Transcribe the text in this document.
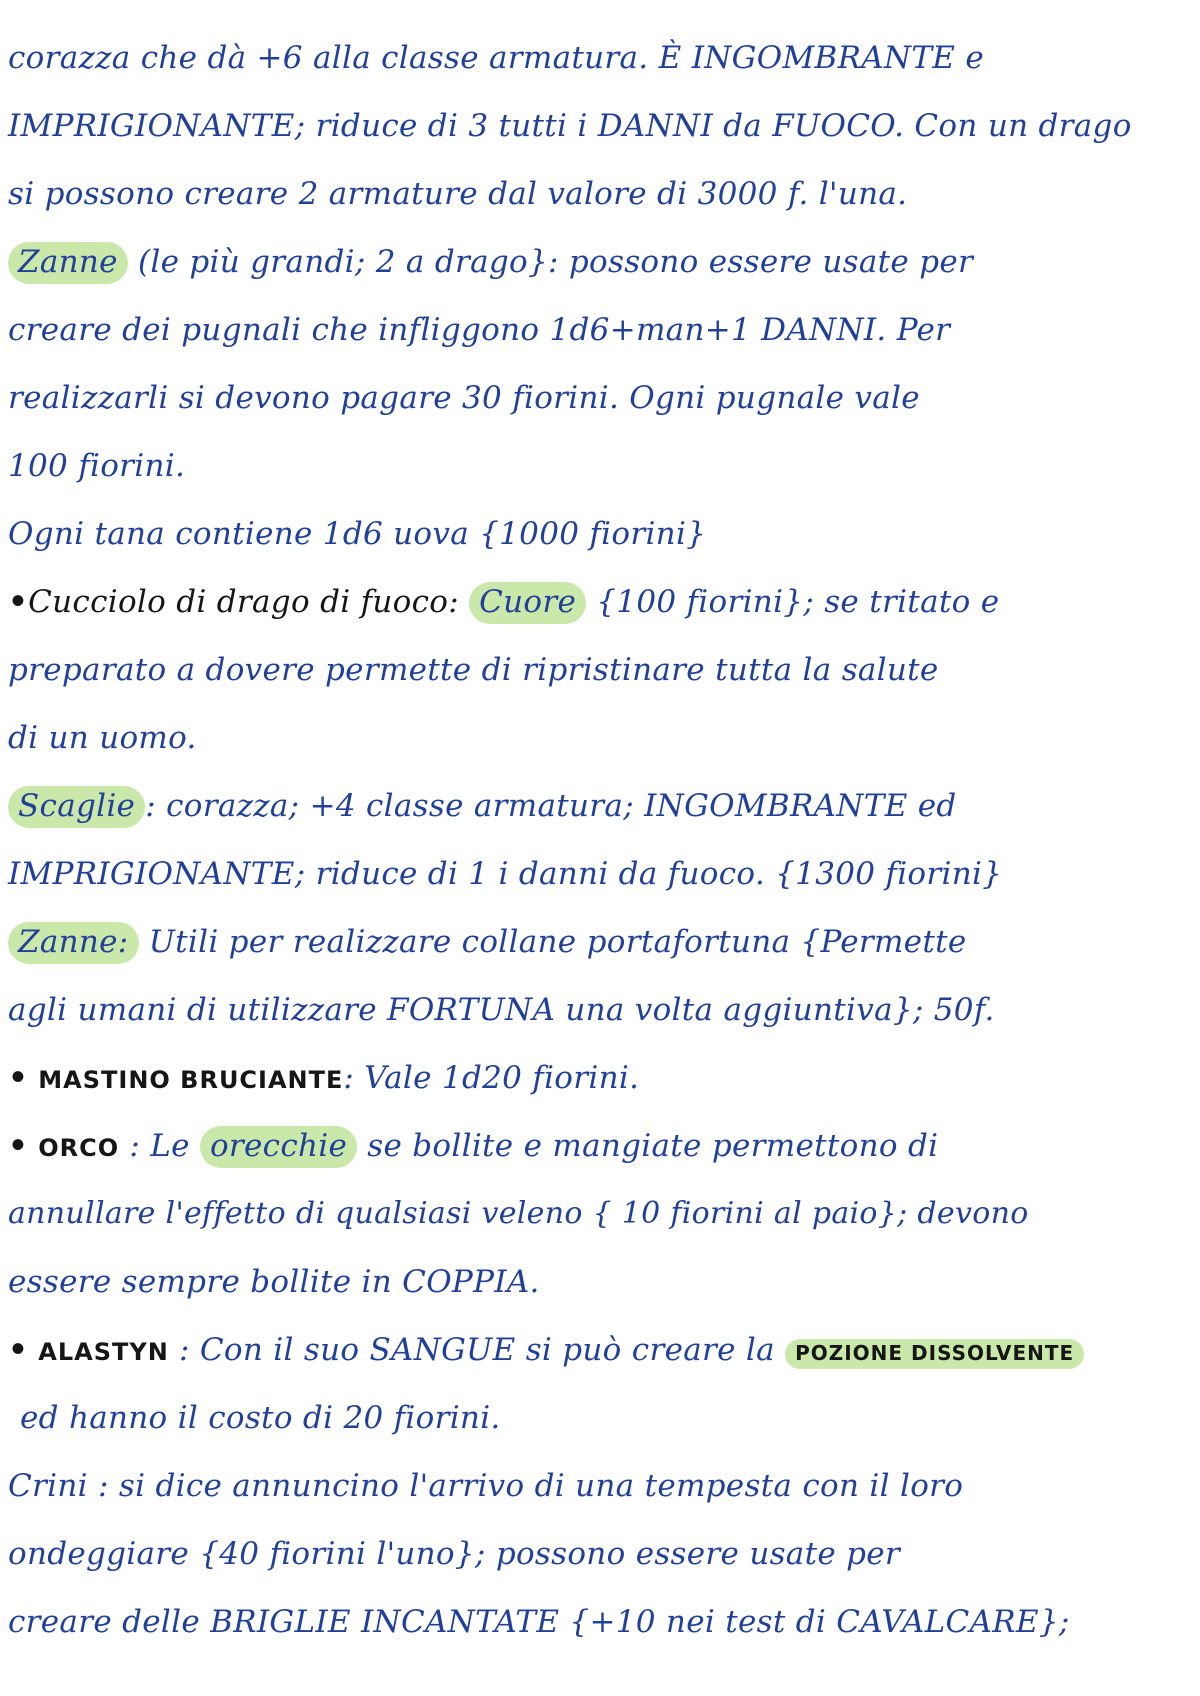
corazza che dà +6 alla classe armatura. È INGOMBRANTE e
IMPRIGIONANTE; riduce di 3 tutti i DANNI da FUOCO. Con un drago
si possono creare 2 armature dal valore di 3000 f. l'una.
Zanne (le più grandi; 2 a drago}: possono essere usate per
creare dei pugnali che infliggono 1d6+man+1 DANNI. Per
realizzarli si devono pagare 30 fiorini. Ogni pugnale vale
100 fiorini.
Ogni tana contiene 1d6 uova {1000 fiorini}
•Cucciolo di drago di fuoco: Cuore {100 fiorini}; se tritato e
preparato a dovere permette di ripristinare tutta la salute
di un uomo.
Scaglie : corazza; +4 classe armatura; INGOMBRANTE ed
IMPRIGIONANTE; riduce di 1 i danni da fuoco. {1300 fiorini}
Zanne: Utili per realizzare collane portafortuna {Permette
agli umani di utilizzare FORTUNA una volta aggiuntiva}; 50f.
• MASTINO BRUCIANTE: Vale 1d20 fiorini.
• ORCO : Le orecchie se bollite e mangiate permettono di
annullare l'effetto di qualsiasi veleno { 10 fiorini al paio}; devono
essere sempre bollite in COPPIA.
• ALASTYN : Con il suo SANGUE si può creare la POZIONE DISSOLVENTE
ed hanno il costo di 20 fiorini.
Crini : si dice annuncino l'arrivo di una tempesta con il loro
ondeggiare {40 fiorini l'uno}; possono essere usate per
creare delle BRIGLIE INCANTATE {+10 nei test di CAVALCARE};
